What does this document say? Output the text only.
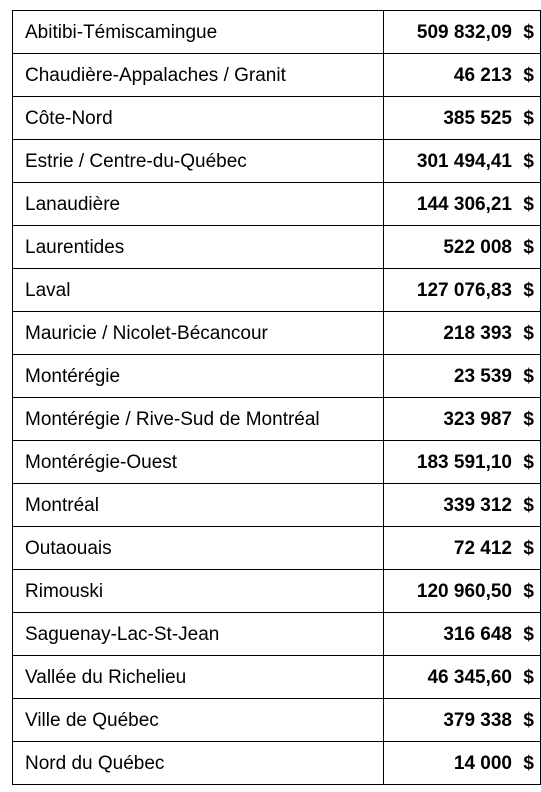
Abitibi-Témiscamingue	509 832,09 $
Chaudière-Appalaches / Granit	46 213 $
Côte-Nord	385 525 $
Estrie / Centre-du-Québec	301 494,41 $
Lanaudière	144 306,21 $
Laurentides	522 008 $
Laval	127 076,83 $
Mauricie / Nicolet-Bécancour	218 393 $
Montérégie	23 539 $
Montérégie / Rive-Sud de Montréal	323 987 $
Montérégie-Ouest	183 591,10 $
Montréal	339 312 $
Outaouais	72 412 $
Rimouski	120 960,50 $
Saguenay-Lac-St-Jean	316 648 $
Vallée du Richelieu	46 345,60 $
Ville de Québec	379 338 $
Nord du Québec	14 000 $
